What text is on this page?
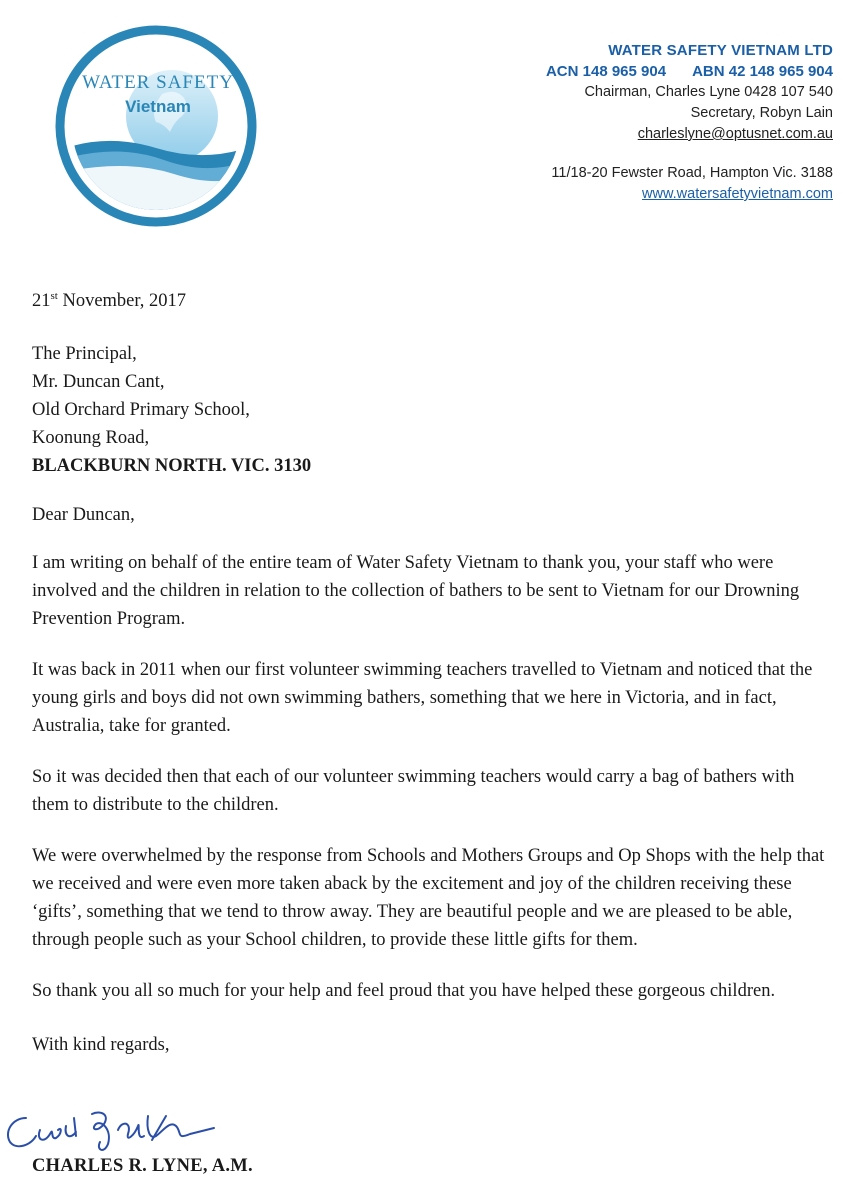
WATER SAFETY
Vietnam
WATER SAFETY VIETNAM LTD
ACN 148 965 904 ABN 42 148 965 904
Chairman, Charles Lyne 0428 107 540
Secretary, Robyn Lain
charleslyne@optusnet.com.au
11/18-20 Fewster Road, Hampton Vic. 3188
www.watersafetyvietnam.com
21st November, 2017
The Principal,
Mr. Duncan Cant,
Old Orchard Primary School,
Koonung Road,
BLACKBURN NORTH. VIC. 3130
Dear Duncan,

I am writing on behalf of the entire team of Water Safety Vietnam to thank you, your staff who were involved and the children in relation to the collection of bathers to be sent to Vietnam for our Drowning Prevention Program.

It was back in 2011 when our first volunteer swimming teachers travelled to Vietnam and noticed that the young girls and boys did not own swimming bathers, something that we here in Victoria, and in fact, Australia, take for granted.

So it was decided then that each of our volunteer swimming teachers would carry a bag of bathers with them to distribute to the children.

We were overwhelmed by the response from Schools and Mothers Groups and Op Shops with the help that we received and were even more taken aback by the excitement and joy of the children receiving these ‘gifts’, something that we tend to throw away. They are beautiful people and we are pleased to be able, through people such as your School children, to provide these little gifts for them.

So thank you all so much for your help and feel proud that you have helped these gorgeous children.

With kind regards,
CHARLES R. LYNE, A.M.
